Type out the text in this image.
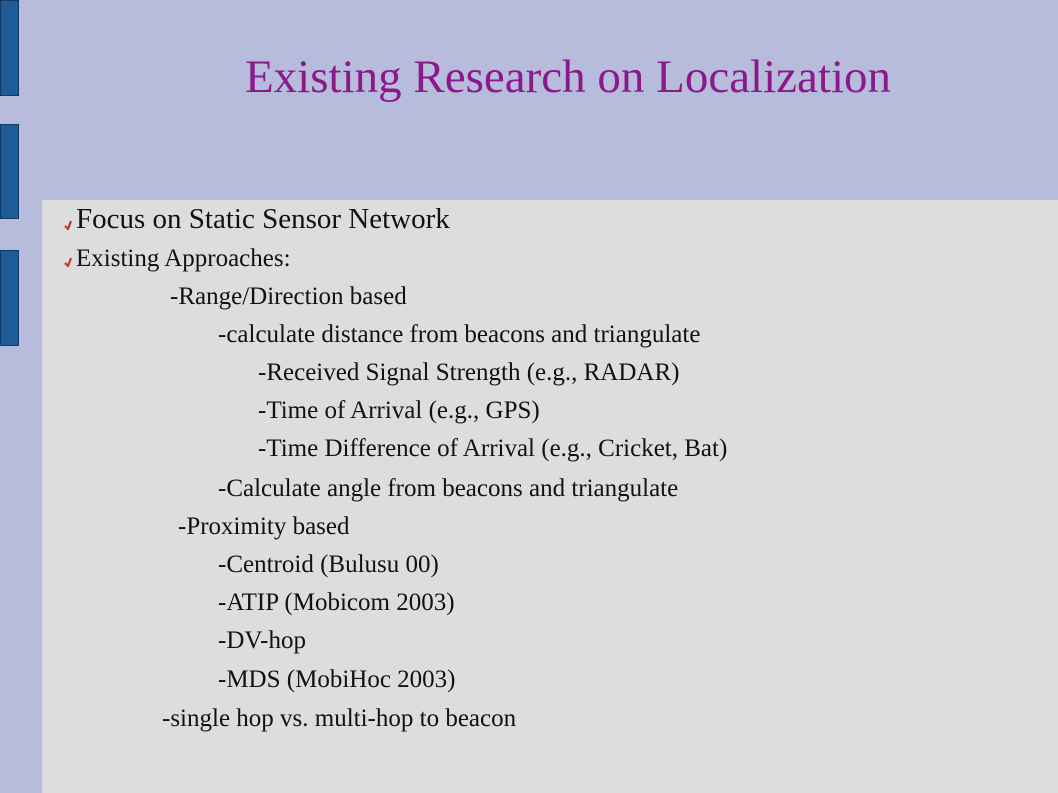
Existing Research on Localization
Focus on Static Sensor Network
Existing Approaches:
-Range/Direction based
-calculate distance from beacons and triangulate
-Received Signal Strength (e.g., RADAR)
-Time of Arrival (e.g., GPS)
-Time Difference of Arrival (e.g., Cricket, Bat)
-Calculate angle from beacons and triangulate
-Proximity based
-Centroid (Bulusu 00)
-ATIP (Mobicom 2003)
-DV-hop
-MDS (MobiHoc 2003)
-single hop vs. multi-hop to beacon
